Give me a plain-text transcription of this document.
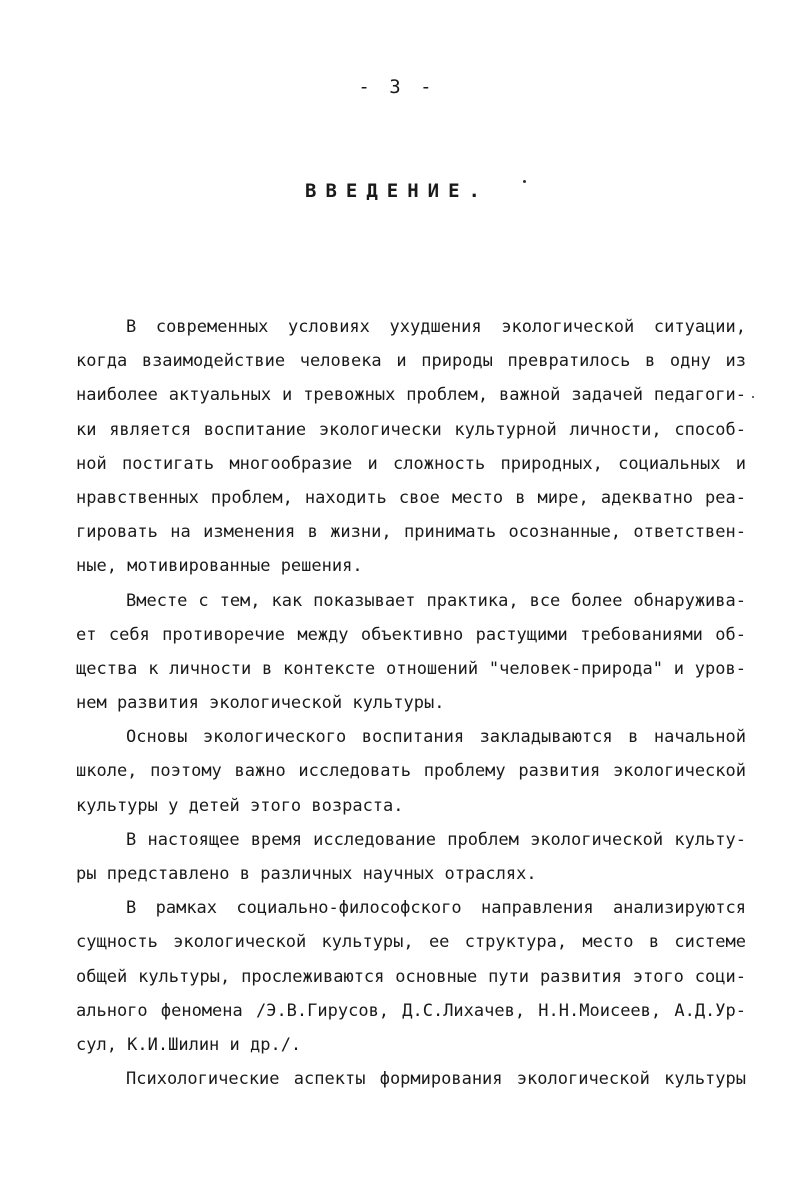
- 3 -
ВВЕДЕНИЕ.
В современных условиях ухудшения экологической ситуации,
когда взаимодействие человека и природы превратилось в одну из
наиболее актуальных и тревожных проблем, важной задачей педагоги-
ки является воспитание экологически культурной личности, способ-
ной постигать многообразие и сложность природных, социальных и
нравственных проблем, находить свое место в мире, адекватно реа-
гировать на изменения в жизни, принимать осознанные, ответствен-
ные, мотивированные решения.
Вместе с тем, как показывает практика, все более обнаруживa-
ет себя противоречие между объективно растущими требованиями об-
щества к личности в контексте отношений "человек-природа" и уров-
нем развития экологической культуры.
Основы экологического воспитания закладываются в начальной
школе, поэтому важно исследовать проблему развития экологической
культуры у детей этого возраста.
В настоящее время исследование проблем экологической культу-
ры представлено в различных научных отраслях.
В рамках социально-философского направления анализируются
сущность экологической культуры, ее структура, место в системе
общей культуры, прослеживаются основные пути развития этого соци-
ального феномена /Э.В.Гирусов, Д.С.Лихачев, Н.Н.Моисеев, А.Д.Ур-
сул, К.И.Шилин и др./.
Психологические аспекты формирования экологической культуры
